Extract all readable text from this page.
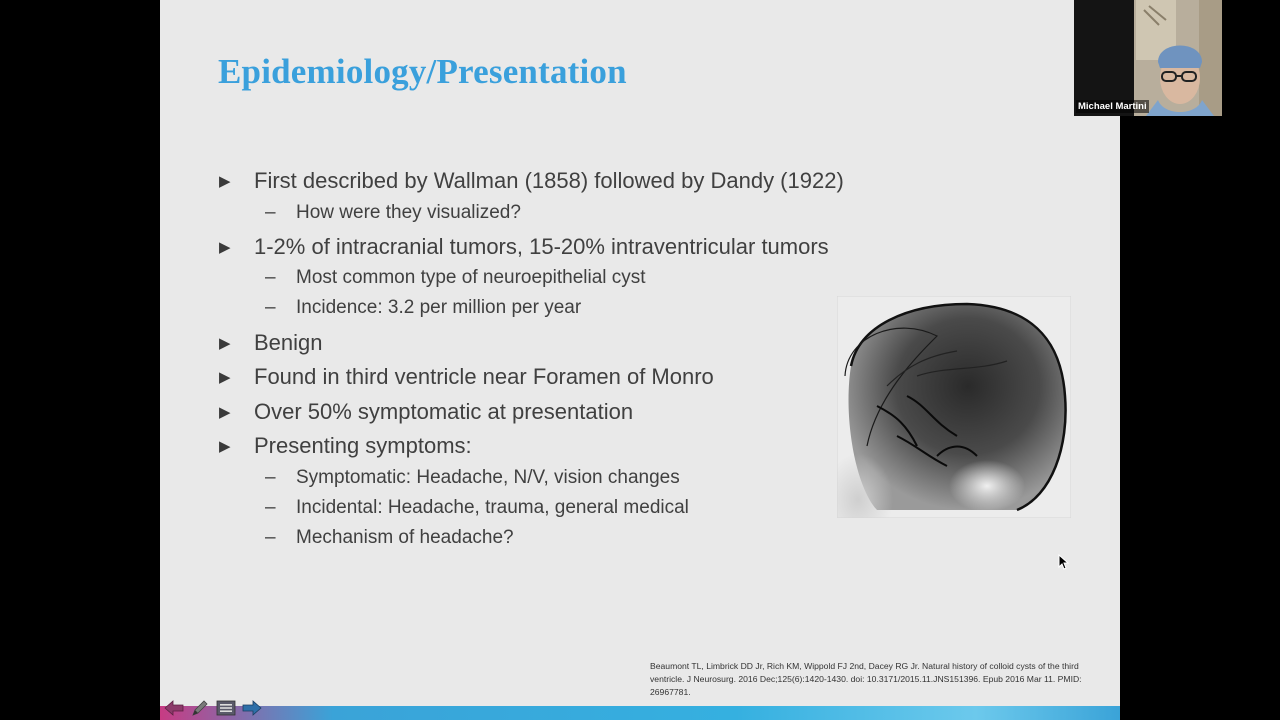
Epidemiology/Presentation
▶ First described by Wallman (1858) followed by Dandy (1922)
– How were they visualized?
▶ 1-2% of intracranial tumors, 15-20% intraventricular tumors
– Most common type of neuroepithelial cyst
– Incidence: 3.2 per million per year
▶ Benign
▶ Found in third ventricle near Foramen of Monro
▶ Over 50% symptomatic at presentation
▶ Presenting symptoms:
– Symptomatic: Headache, N/V, vision changes
– Incidental: Headache, trauma, general medical
– Mechanism of headache?
Beaumont TL, Limbrick DD Jr, Rich KM, Wippold FJ 2nd, Dacey RG Jr. Natural history of colloid cysts of the third ventricle. J Neurosurg. 2016 Dec;125(6):1420-1430. doi: 10.3171/2015.11.JNS151396. Epub 2016 Mar 11. PMID: 26967781.
Michael Martini
